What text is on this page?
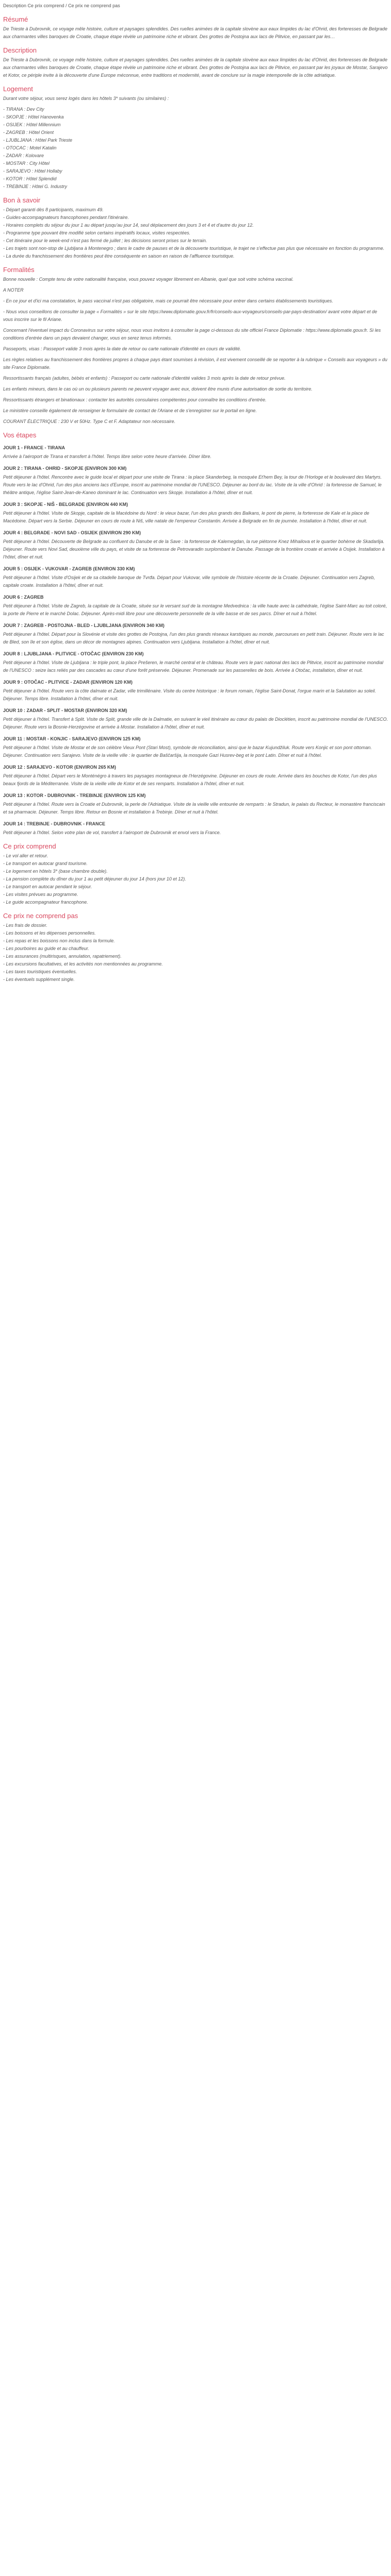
Description Ce prix comprend / Ce prix ne comprend pas
Résumé

De Trieste à Dubrovnik, ce voyage mêle histoire, culture et paysages splendides. Des ruelles animées de la capitale slovène aux eaux limpides du lac d'Ohrid, des forteresses de Belgrade aux charmantes villes baroques de Croatie, chaque étape révèle un patrimoine riche et vibrant. Des grottes de Postojna aux lacs de Plitvice, en passant par les…

Description

De Trieste à Dubrovnik, ce voyage mêle histoire, culture et paysages splendides. Des ruelles animées de la capitale slovène aux eaux limpides du lac d'Ohrid, des forteresses de Belgrade aux charmantes villes baroques de Croatie, chaque étape révèle un patrimoine riche et vibrant. Des grottes de Postojna aux lacs de Plitvice, en passant par les joyaux de Mostar, Sarajevo et Kotor, ce périple invite à la découverte d'une Europe méconnue, entre traditions et modernité, avant de conclure sur la magie intemporelle de la côte adriatique.

Logement

Durant votre séjour, vous serez logés dans les hôtels 3* suivants (ou similaires) :

- TIRANA : Dev City
- SKOPJE : Hôtel Hanovenka
- OSIJEK : Hôtel Millennium
- ZAGREB : Hôtel Orient
- LJUBLJANA : Hôtel Park Trieste
- OTOCAC : Motel Katalin
- ZADAR : Kolovare
- MOSTAR : City Hôtel
- SARAJEVO : Hôtel Hollaby
- KOTOR : Hôtel Splendid
- TREBINJE : Hôtel G. Industry
Bon à savoir
- Départ garanti dès 8 participants, maximum 49.
- Guides-accompagnateurs francophones pendant l'itinéraire.
- Horaires complets du séjour du jour 1 au départ jusqu'au jour 14, seul déplacement des jours 3 et 4 et d'autre du jour 12.
- Programme type pouvant être modifié selon certains impératifs locaux, visites respectées.
- Cet itinéraire pour le week-end n'est pas fermé de juillet ; les décisions seront prises sur le terrain.
- Les trajets sont non-stop de Ljubljana à Montenegro ; dans le cadre de pauses et de la découverte touristique, le trajet ne s'effectue pas plus que nécessaire en fonction du programme.
- La durée du franchissement des frontières peut être conséquente en saison en raison de l'affluence touristique.
Formalités

Bonne nouvelle : Compte tenu de votre nationalité française, vous pouvez voyager librement en Albanie, quel que soit votre schéma vaccinal.

A NOTER

- En ce jour et d'ici ma constatation, le pass vaccinal n'est pas obligatoire, mais ce pourrait être nécessaire pour entrer dans certains établissements touristiques.

- Nous vous conseillons de consulter la page « Formalités » sur le site https://www.diplomatie.gouv.fr/fr/conseils-aux-voyageurs/conseils-par-pays-destination/ avant votre départ et de vous inscrire sur le fil Ariane.

Concernant l'éventuel impact du Coronavirus sur votre séjour, nous vous invitons à consulter la page ci-dessous du site officiel France Diplomatie : https://www.diplomatie.gouv.fr. Si les conditions d'entrée dans un pays devaient changer, vous en serez tenus informés.

Passeports, visas : Passeport valide 3 mois après la date de retour ou carte nationale d'identité en cours de validité.

Les règles relatives au franchissement des frontières propres à chaque pays étant soumises à révision, il est vivement conseillé de se reporter à la rubrique « Conseils aux voyageurs » du site France Diplomatie.

Ressortissants français (adultes, bébés et enfants) : Passeport ou carte nationale d'identité valides 3 mois après la date de retour prévue.

Les enfants mineurs, dans le cas où un ou plusieurs parents ne peuvent voyager avec eux, doivent être munis d'une autorisation de sortie du territoire.

Ressortissants étrangers et binationaux : contacter les autorités consulaires compétentes pour connaître les conditions d'entrée.

Le ministère conseille également de renseigner le formulaire de contact de l'Ariane et de s'enregistrer sur le portail en ligne.

COURANT ÉLECTRIQUE : 230 V et 50Hz. Type C et F. Adaptateur non nécessaire.

Vos étapes
JOUR 1 - FRANCE - TIRANA

Arrivée à l'aéroport de Tirana et transfert à l'hôtel. Temps libre selon votre heure d'arrivée. Dîner libre.

JOUR 2 : TIRANA - OHRID - SKOPJE (ENVIRON 300 KM)

Petit déjeuner à l'hôtel. Rencontre avec le guide local et départ pour une visite de Tirana : la place Skanderbeg, la mosquée Et'hem Bey, la tour de l'Horloge et le boulevard des Martyrs. Route vers le lac d'Ohrid, l'un des plus anciens lacs d'Europe, inscrit au patrimoine mondial de l'UNESCO. Déjeuner au bord du lac. Visite de la ville d'Ohrid : la forteresse de Samuel, le théâtre antique, l'église Saint-Jean-de-Kaneo dominant le lac. Continuation vers Skopje. Installation à l'hôtel, dîner et nuit.

JOUR 3 : SKOPJE - NIŠ - BELGRADE (ENVIRON 440 KM)

Petit déjeuner à l'hôtel. Visite de Skopje, capitale de la Macédoine du Nord : le vieux bazar, l'un des plus grands des Balkans, le pont de pierre, la forteresse de Kale et la place de Macédoine. Départ vers la Serbie. Déjeuner en cours de route à Niš, ville natale de l'empereur Constantin. Arrivée à Belgrade en fin de journée. Installation à l'hôtel, dîner et nuit.

JOUR 4 : BELGRADE - NOVI SAD - OSIJEK (ENVIRON 290 KM)

Petit déjeuner à l'hôtel. Découverte de Belgrade au confluent du Danube et de la Save : la forteresse de Kalemegdan, la rue piétonne Knez Mihailova et le quartier bohème de Skadarlija. Déjeuner. Route vers Novi Sad, deuxième ville du pays, et visite de sa forteresse de Petrovaradin surplombant le Danube. Passage de la frontière croate et arrivée à Osijek. Installation à l'hôtel, dîner et nuit.

JOUR 5 : OSIJEK - VUKOVAR - ZAGREB (ENVIRON 330 KM)

Petit déjeuner à l'hôtel. Visite d'Osijek et de sa citadelle baroque de Tvrđa. Départ pour Vukovar, ville symbole de l'histoire récente de la Croatie. Déjeuner. Continuation vers Zagreb, capitale croate. Installation à l'hôtel, dîner et nuit.

JOUR 6 : ZAGREB

Petit déjeuner à l'hôtel. Visite de Zagreb, la capitale de la Croatie, située sur le versant sud de la montagne Medvednica : la ville haute avec la cathédrale, l'église Saint-Marc au toit coloré, la porte de Pierre et le marché Dolac. Déjeuner. Après-midi libre pour une découverte personnelle de la ville basse et de ses parcs. Dîner et nuit à l'hôtel.

JOUR 7 : ZAGREB - POSTOJNA - BLED - LJUBLJANA (ENVIRON 340 KM)

Petit déjeuner à l'hôtel. Départ pour la Slovénie et visite des grottes de Postojna, l'un des plus grands réseaux karstiques au monde, parcourues en petit train. Déjeuner. Route vers le lac de Bled, son île et son église, dans un décor de montagnes alpines. Continuation vers Ljubljana. Installation à l'hôtel, dîner et nuit.

JOUR 8 : LJUBLJANA - PLITVICE - OTOČAC (ENVIRON 230 KM)

Petit déjeuner à l'hôtel. Visite de Ljubljana : le triple pont, la place Prešeren, le marché central et le château. Route vers le parc national des lacs de Plitvice, inscrit au patrimoine mondial de l'UNESCO : seize lacs reliés par des cascades au cœur d'une forêt préservée. Déjeuner. Promenade sur les passerelles de bois. Arrivée à Otočac, installation, dîner et nuit.

JOUR 9 : OTOČAC - PLITVICE - ZADAR (ENVIRON 120 KM)

Petit déjeuner à l'hôtel. Route vers la côte dalmate et Zadar, ville trimillénaire. Visite du centre historique : le forum romain, l'église Saint-Donat, l'orgue marin et la Salutation au soleil. Déjeuner. Temps libre. Installation à l'hôtel, dîner et nuit.

JOUR 10 : ZADAR - SPLIT - MOSTAR (ENVIRON 320 KM)

Petit déjeuner à l'hôtel. Transfert à Split. Visite de Split, grande ville de la Dalmatie, en suivant le vieil itinéraire au cœur du palais de Dioclétien, inscrit au patrimoine mondial de l'UNESCO. Déjeuner. Route vers la Bosnie-Herzégovine et arrivée à Mostar. Installation à l'hôtel, dîner et nuit.

JOUR 11 : MOSTAR - KONJIC - SARAJEVO (ENVIRON 125 KM)

Petit déjeuner à l'hôtel. Visite de Mostar et de son célèbre Vieux Pont (Stari Most), symbole de réconciliation, ainsi que le bazar Kujundžiluk. Route vers Konjic et son pont ottoman. Déjeuner. Continuation vers Sarajevo. Visite de la vieille ville : le quartier de Baščaršija, la mosquée Gazi Husrev-beg et le pont Latin. Dîner et nuit à l'hôtel.

JOUR 12 : SARAJEVO - KOTOR (ENVIRON 265 KM)

Petit déjeuner à l'hôtel. Départ vers le Monténégro à travers les paysages montagneux de l'Herzégovine. Déjeuner en cours de route. Arrivée dans les bouches de Kotor, l'un des plus beaux fjords de la Méditerranée. Visite de la vieille ville de Kotor et de ses remparts. Installation à l'hôtel, dîner et nuit.

JOUR 13 : KOTOR - DUBROVNIK - TREBINJE (ENVIRON 125 KM)

Petit déjeuner à l'hôtel. Route vers la Croatie et Dubrovnik, la perle de l'Adriatique. Visite de la vieille ville entourée de remparts : le Stradun, le palais du Recteur, le monastère franciscain et sa pharmacie. Déjeuner. Temps libre. Retour en Bosnie et installation à Trebinje. Dîner et nuit à l'hôtel.

JOUR 14 : TREBINJE - DUBROVNIK - FRANCE

Petit déjeuner à l'hôtel. Selon votre plan de vol, transfert à l'aéroport de Dubrovnik et envol vers la France.

Ce prix comprend
- Le vol aller et retour.
- Le transport en autocar grand tourisme.
- Le logement en hôtels 3* (base chambre double).
- La pension complète du dîner du jour 1 au petit déjeuner du jour 14 (hors jour 10 et 12).
- Le transport en autocar pendant le séjour.
- Les visites prévues au programme.
- Le guide accompagnateur francophone.
Ce prix ne comprend pas
- Les frais de dossier.
- Les boissons et les dépenses personnelles.
- Les repas et les boissons non inclus dans la formule.
- Les pourboires au guide et au chauffeur.
- Les assurances (multirisques, annulation, rapatriement).
- Les excursions facultatives, et les activités non mentionnées au programme.
- Les taxes touristiques éventuelles.
- Les éventuels supplément single.
